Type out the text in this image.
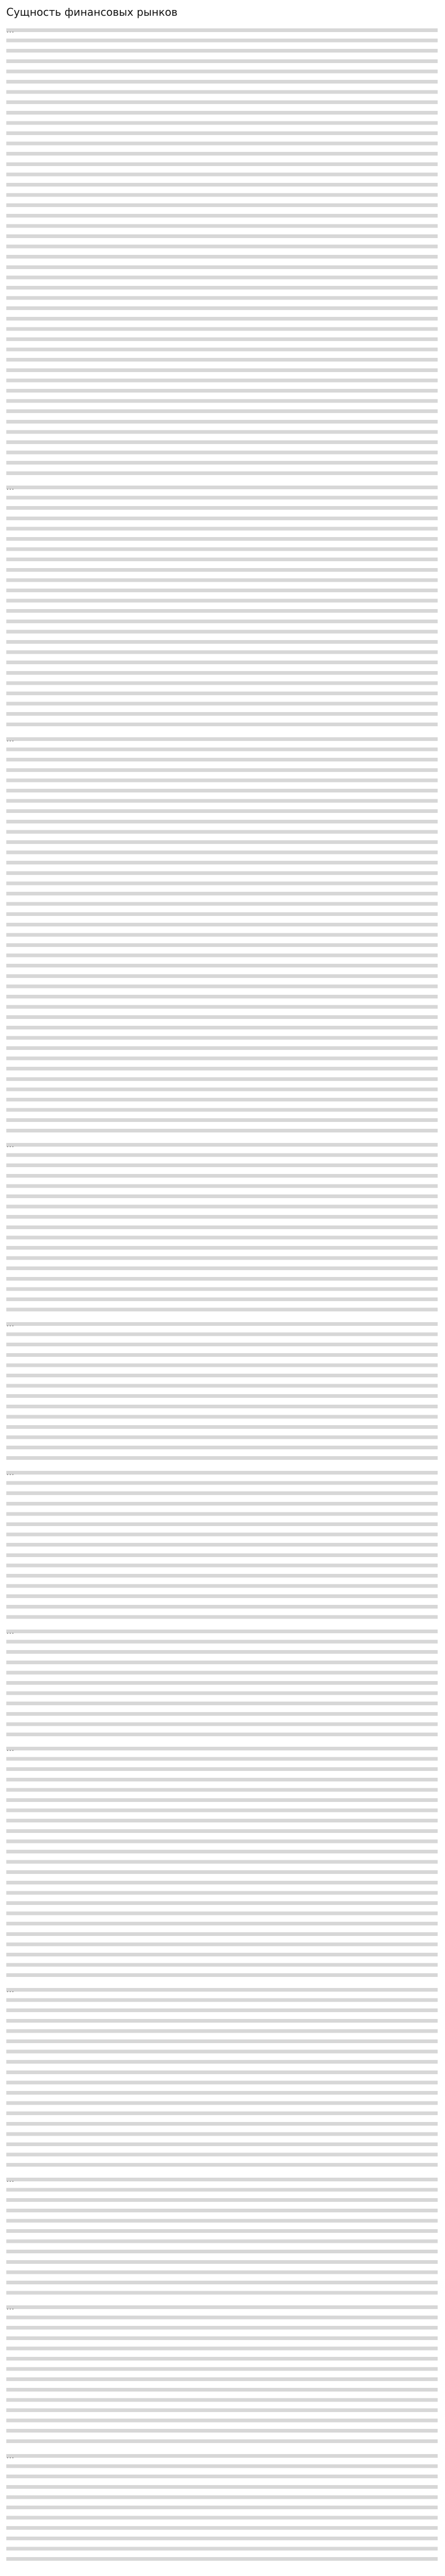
Сущность финансовых рынков

…

…

…

…

…

…

…

…

…

…

…

…
